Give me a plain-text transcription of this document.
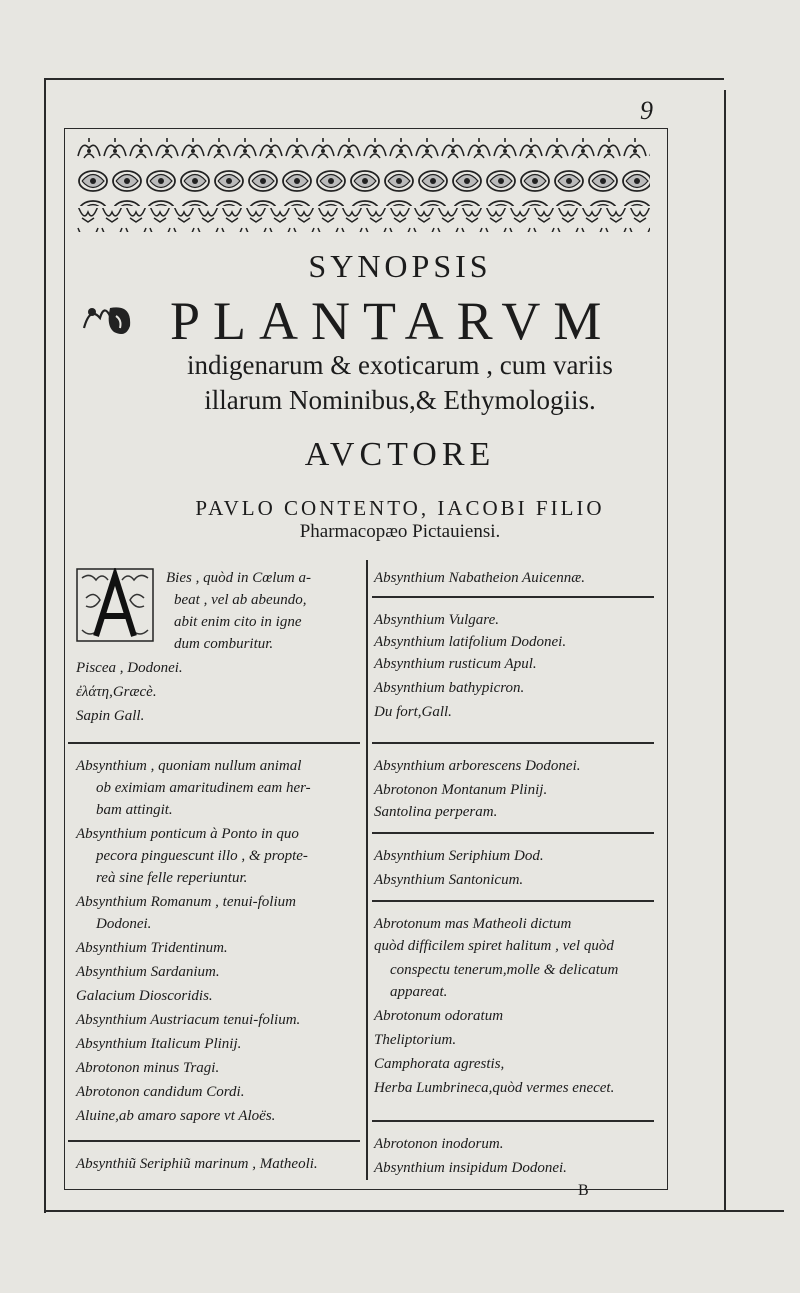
9
SYNOPSIS
PLANTARVM
indigenarum & exoticarum , cum variis
illarum Nominibus,& Ethymologiis.
AVCTORE
PAVLO CONTENTO, IACOBI FILIO
Pharmacopæo Pictauiensi.
Bies , quòd in Cœlum a-
beat , vel ab abeundo,
abit enim cito in igne
dum comburitur.
Piscea , Dodonei.
ἐλάτη,Græcè.
Sapin Gall.
Absynthium , quoniam nullum animal
ob eximiam amaritudinem eam her-
bam attingit.
Absynthium ponticum à Ponto in quo
pecora pinguescunt illo , & propte-
reà sine felle reperiuntur.
Absynthium Romanum , tenui-folium
Dodonei.
Absynthium Tridentinum.
Absynthium Sardanium.
Galacium Dioscoridis.
Absynthium Austriacum tenui-folium.
Absynthium Italicum Plinij.
Abrotonon minus Tragi.
Abrotonon candidum Cordi.
Aluine,ab amaro sapore vt Aloës.
Absynthiũ Seriphiũ marinum , Matheoli.
Absynthium Nabatheion Auicennæ.
Absynthium Vulgare.
Absynthium latifolium Dodonei.
Absynthium rusticum Apul.
Absynthium bathypicron.
Du fort,Gall.
Absynthium arborescens Dodonei.
Abrotonon Montanum Plinij.
Santolina perperam.
Absynthium Seriphium Dod.
Absynthium Santonicum.
Abrotonum mas Matheoli dictum
quòd difficilem spiret halitum , vel quòd
conspectu tenerum,molle & delicatum
appareat.
Abrotonum odoratum
Theliptorium.
Camphorata agrestis,
Herba Lumbrineca,quòd vermes enecet.
Abrotonon inodorum.
Absynthium insipidum Dodonei.
B
